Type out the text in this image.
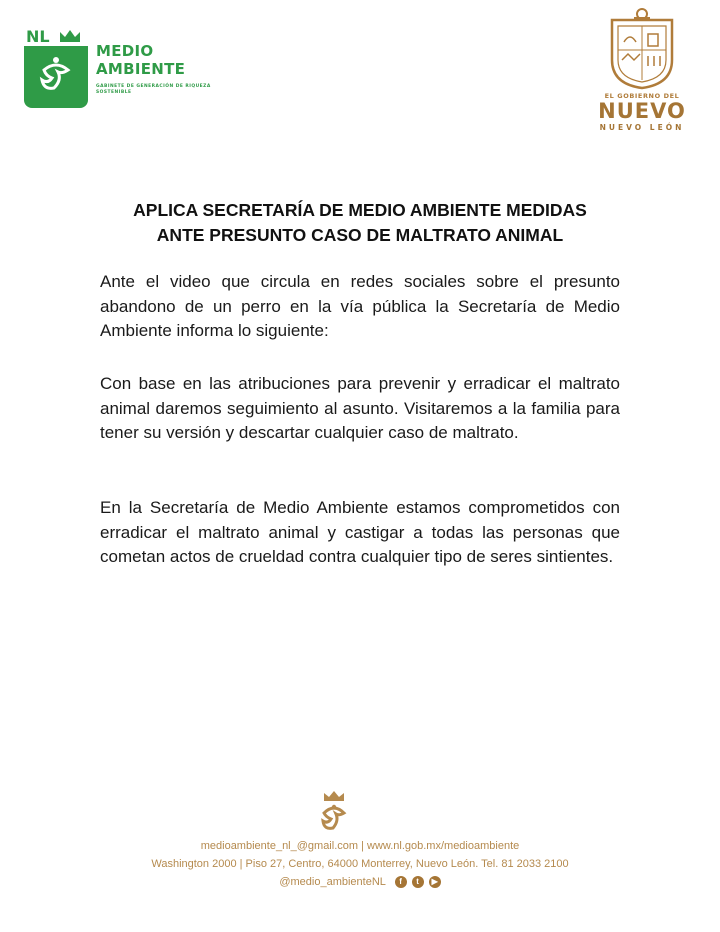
NL
MEDIO
AMBIENTE
GABINETE DE GENERACIÓN DE RIQUEZA SOSTENIBLE	EL GOBIERNO DEL
NUEVO
NUEVO LEÓN
APLICA SECRETARÍA DE MEDIO AMBIENTE MEDIDAS
ANTE PRESUNTO CASO DE MALTRATO ANIMAL
Ante el video que circula en redes sociales sobre el presunto abandono de un perro en la vía pública la Secretaría de Medio Ambiente informa lo siguiente:
Con base en las atribuciones para prevenir y erradicar el maltrato animal daremos seguimiento al asunto. Visitaremos a la familia para tener su versión y descartar cualquier caso de maltrato.
En la Secretaría de Medio Ambiente estamos comprometidos con erradicar el maltrato animal y castigar a todas las personas que cometan actos de crueldad contra cualquier tipo de seres sintientes.
medioambiente_nl_@gmail.com | www.nl.gob.mx/medioambiente
Washington 2000 | Piso 27, Centro, 64000 Monterrey, Nuevo León. Tel. 81 2033 2100
@medio_ambienteNL f t ▶
